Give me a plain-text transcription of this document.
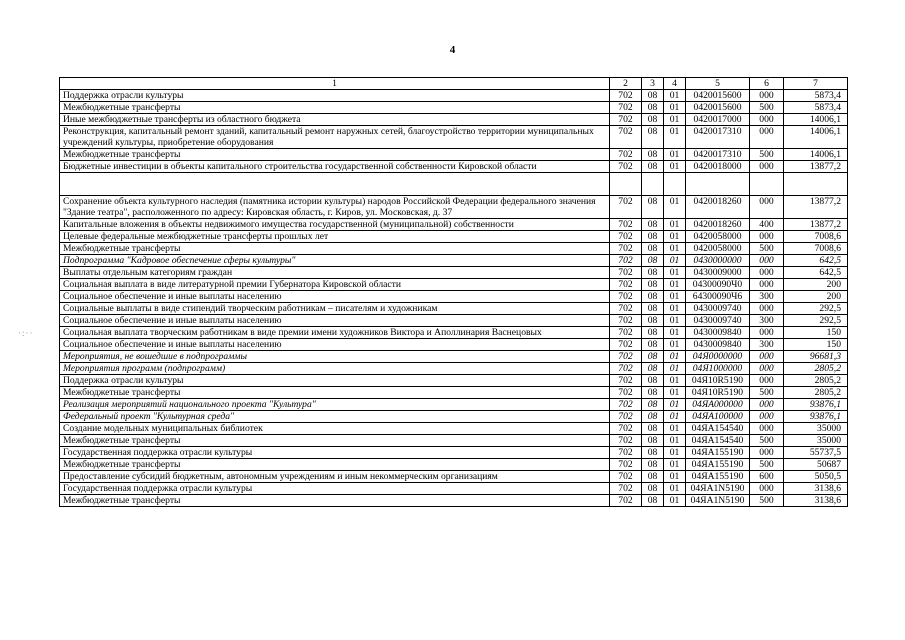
4
·:··
1	2	3	4	5	6	7
Поддержка отрасли культуры	702	08	01	0420015600	000	5873,4
Межбюджетные трансферты	702	08	01	0420015600	500	5873,4
Иные межбюджетные трансферты из областного бюджета	702	08	01	0420017000	000	14006,1
Реконструкция, капитальный ремонт зданий, капитальный ремонт наружных сетей, благоустройство территории муниципальных учреждений культуры, приобретение оборудования	702	08	01	0420017310	000	14006,1
Межбюджетные трансферты	702	08	01	0420017310	500	14006,1
Бюджетные инвестиции в объекты капитального строительства государственной собственности Кировской области	702	08	01	0420018000	000	13877,2

Сохранение объекта культурного наследия (памятника истории культуры) народов Российской Федерации федерального значения "Здание театра", расположенного по адресу: Кировская область, г. Киров, ул. Московская, д. 37	702	08	01	0420018260	000	13877,2
Капитальные вложения в объекты недвижимого имущества государственной (муниципальной) собственности	702	08	01	0420018260	400	13877,2
Целевые федеральные межбюджетные трансферты прошлых лет	702	08	01	0420058000	000	7008,6
Межбюджетные трансферты	702	08	01	0420058000	500	7008,6
Подпрограмма "Кадровое обеспечение сферы культуры"	702	08	01	0430000000	000	642,5
Выплаты отдельным категориям граждан	702	08	01	0430009000	000	642,5
Социальная выплата в виде литературной премии Губернатора Кировской области	702	08	01	04300090Ч0	000	200
Социальное обеспечение и иные выплаты населению	702	08	01	64300090Ч6	300	200
Социальные выплаты в виде стипендий творческим работникам – писателям и художникам	702	08	01	0430009740	000	292,5
Социальное обеспечение и иные выплаты населению	702	08	01	0430009740	300	292,5
Социальная выплата творческим работникам в виде премии имени художников Виктора и Аполлинария Васнецовых	702	08	01	0430009840	000	150
Социальное обеспечение и иные выплаты населению	702	08	01	0430009840	300	150
Мероприятия, не вошедшие в подпрограммы	702	08	01	04Я0000000	000	96681,3
Мероприятия программ (подпрограмм)	702	08	01	04Я1000000	000	2805,2
Поддержка отрасли культуры	702	08	01	04Я10R5190	000	2805,2
Межбюджетные трансферты	702	08	01	04Я10R5190	500	2805,2
Реализация мероприятий национального проекта "Культура"	702	08	01	04ЯА000000	000	93876,1
Федеральный проект "Культурная среда"	702	08	01	04ЯА100000	000	93876,1
Создание модельных муниципальных библиотек	702	08	01	04ЯА154540	000	35000
Межбюджетные трансферты	702	08	01	04ЯА154540	500	35000
Государственная поддержка отрасли культуры	702	08	01	04ЯА155190	000	55737,5
Межбюджетные трансферты	702	08	01	04ЯА155190	500	50687
Предоставление субсидий бюджетным, автономным учреждениям и иным некоммерческим организациям	702	08	01	04ЯА155190	600	5050,5
Государственная поддержка отрасли культуры	702	08	01	04ЯА1N5190	000	3138,6
Межбюджетные трансферты	702	08	01	04ЯА1N5190	500	3138,6
